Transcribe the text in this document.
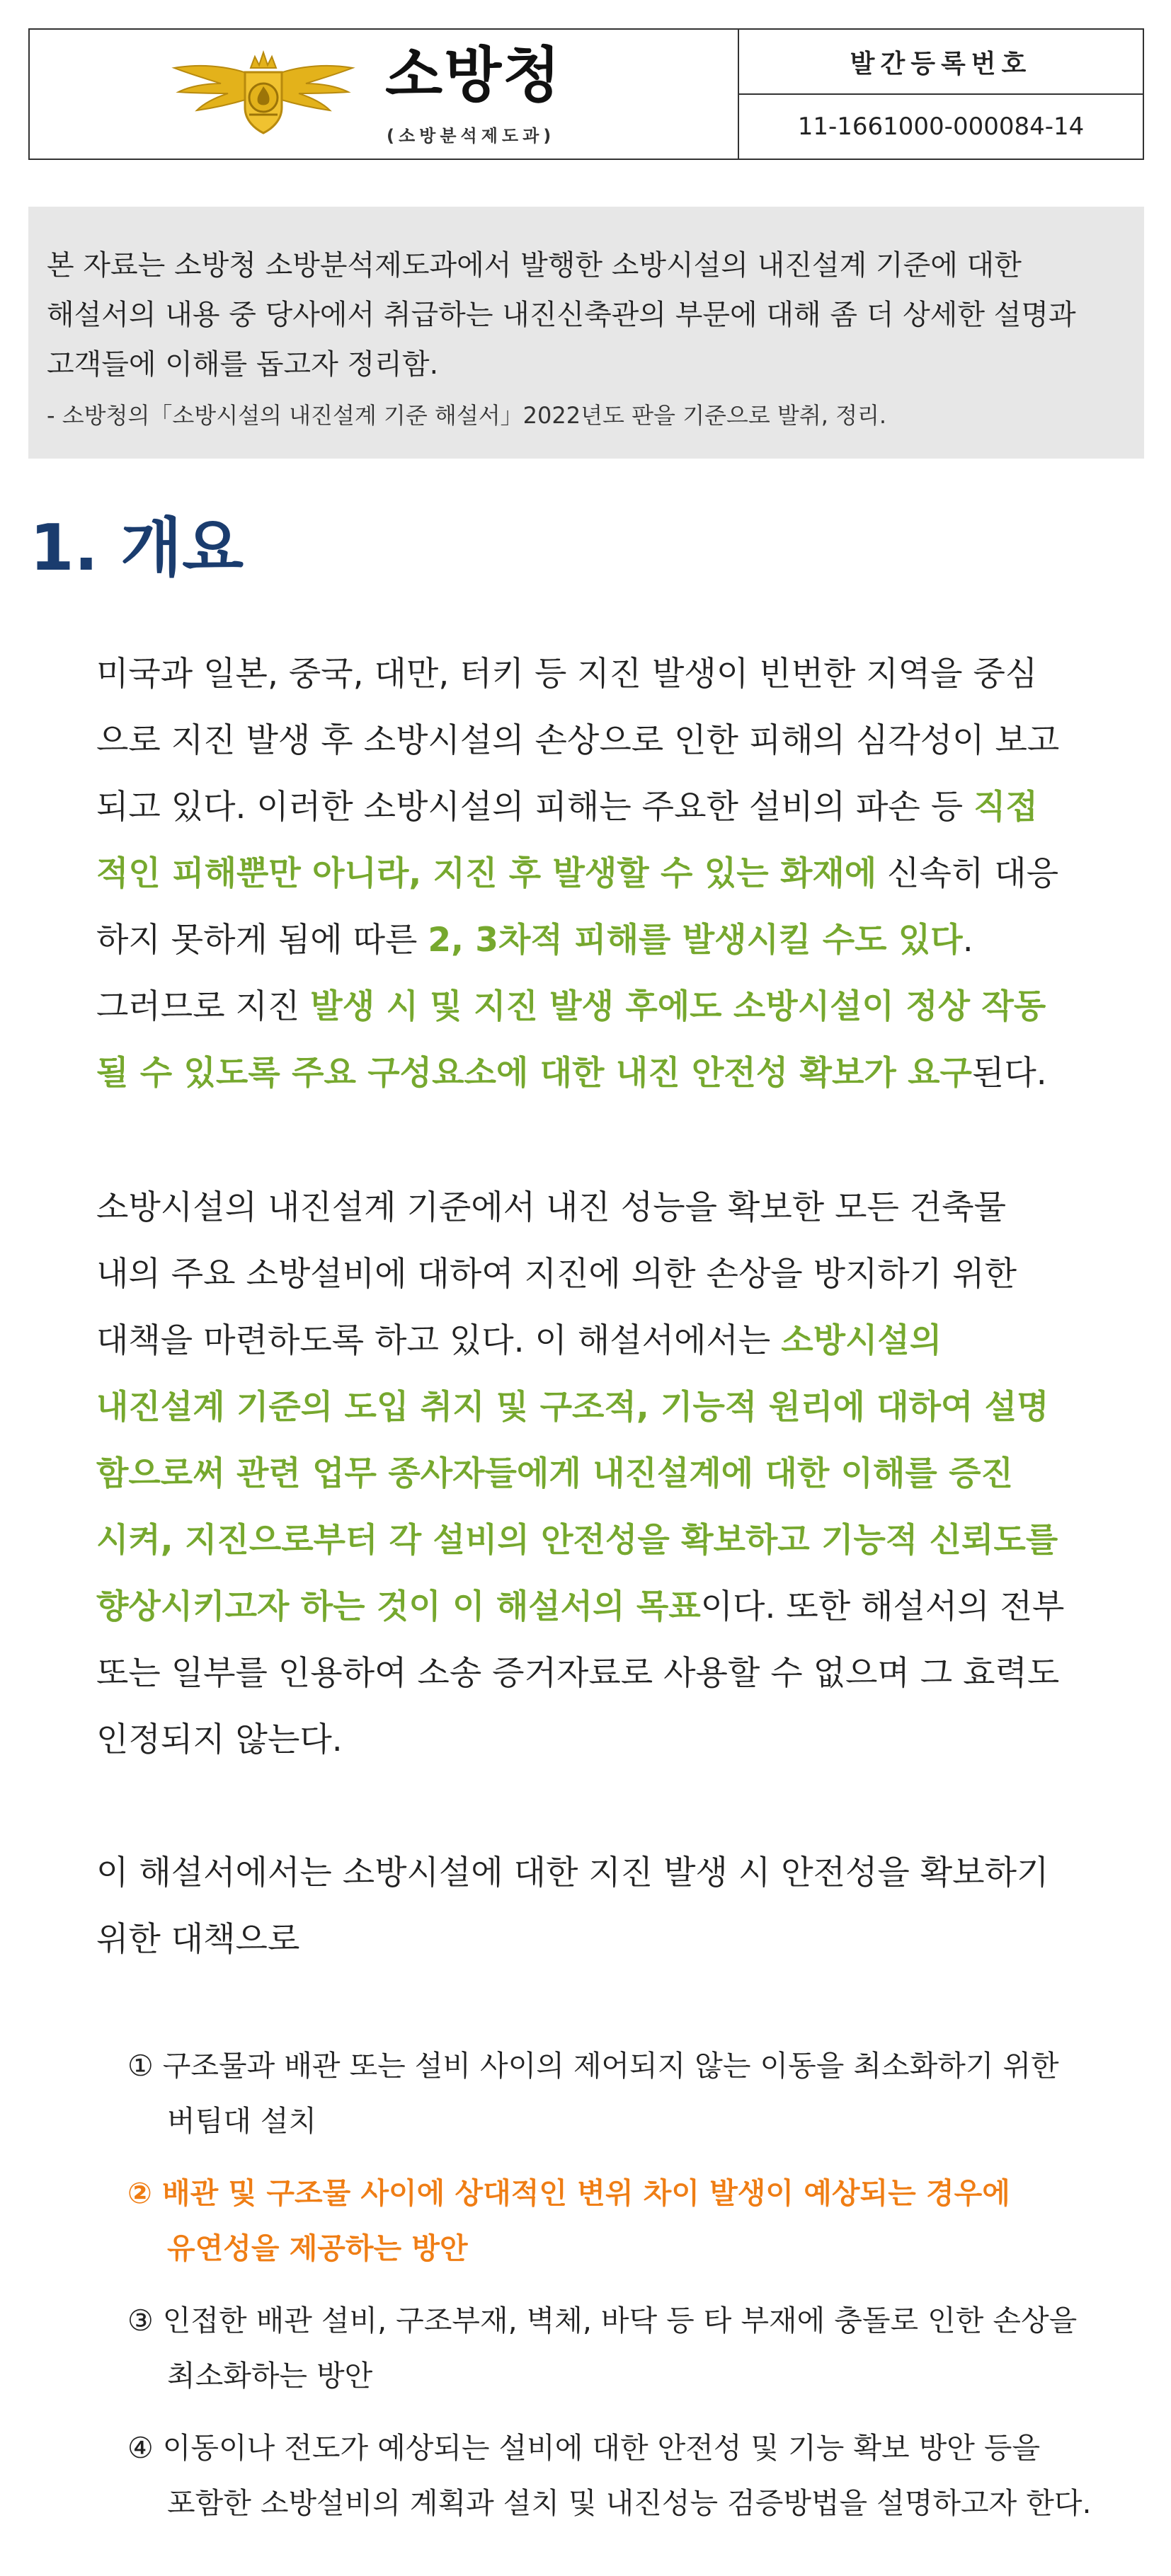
소방청
(소방분석제도과)
발간등록번호
11-1661000-000084-14
본 자료는 소방청 소방분석제도과에서 발행한 소방시설의 내진설계 기준에 대한
해설서의 내용 중 당사에서 취급하는 내진신축관의 부문에 대해 좀 더 상세한 설명과
고객들에 이해를 돕고자 정리함.
- 소방청의「소방시설의 내진설계 기준 해설서」2022년도 판을 기준으로 발취, 정리.
1. 개요
미국과 일본, 중국, 대만, 터키 등 지진 발생이 빈번한 지역을 중심
으로 지진 발생 후 소방시설의 손상으로 인한 피해의 심각성이 보고
되고 있다. 이러한 소방시설의 피해는 주요한 설비의 파손 등 직접
적인 피해뿐만 아니라, 지진 후 발생할 수 있는 화재에 신속히 대응
하지 못하게 됨에 따른 2, 3차적 피해를 발생시킬 수도 있다.
그러므로 지진 발생 시 및 지진 발생 후에도 소방시설이 정상 작동
될 수 있도록 주요 구성요소에 대한 내진 안전성 확보가 요구된다.
소방시설의 내진설계 기준에서 내진 성능을 확보한 모든 건축물
내의 주요 소방설비에 대하여 지진에 의한 손상을 방지하기 위한
대책을 마련하도록 하고 있다. 이 해설서에서는 소방시설의
내진설계 기준의 도입 취지 및 구조적, 기능적 원리에 대하여 설명
함으로써 관련 업무 종사자들에게 내진설계에 대한 이해를 증진
시켜, 지진으로부터 각 설비의 안전성을 확보하고 기능적 신뢰도를
향상시키고자 하는 것이 이 해설서의 목표이다. 또한 해설서의 전부
또는 일부를 인용하여 소송 증거자료로 사용할 수 없으며 그 효력도
인정되지 않는다.
이 해설서에서는 소방시설에 대한 지진 발생 시 안전성을 확보하기
위한 대책으로
① 구조물과 배관 또는 설비 사이의 제어되지 않는 이동을 최소화하기 위한
버팀대 설치
② 배관 및 구조물 사이에 상대적인 변위 차이 발생이 예상되는 경우에
유연성을 제공하는 방안
③ 인접한 배관 설비, 구조부재, 벽체, 바닥 등 타 부재에 충돌로 인한 손상을
최소화하는 방안
④ 이동이나 전도가 예상되는 설비에 대한 안전성 및 기능 확보 방안 등을
포함한 소방설비의 계획과 설치 및 내진성능 검증방법을 설명하고자 한다.
